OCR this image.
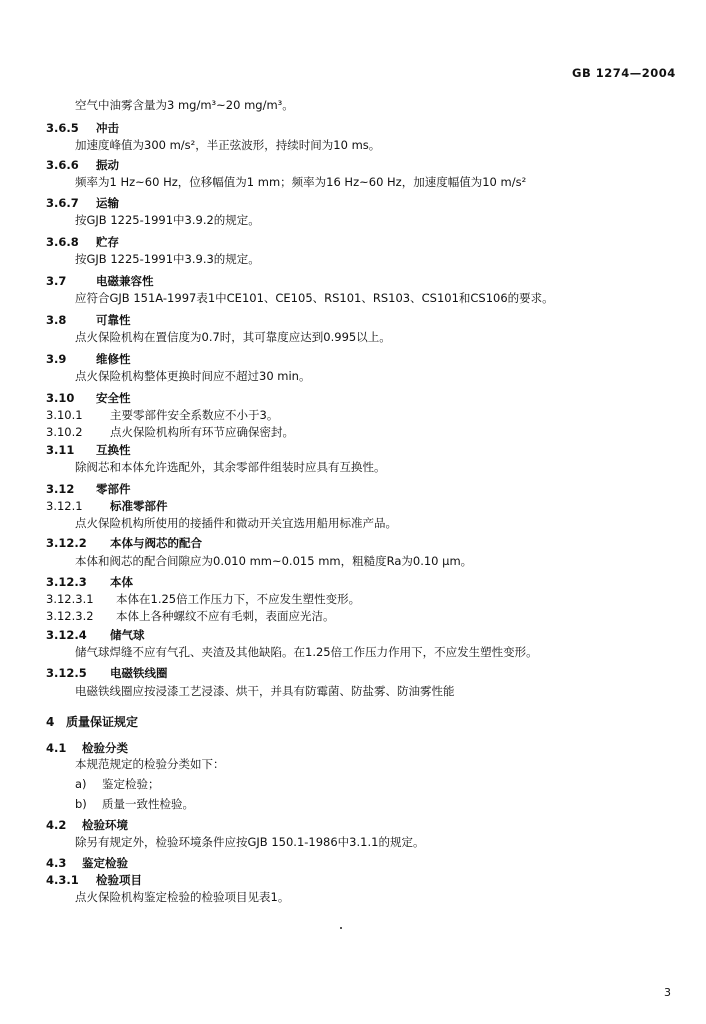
GB 1274—2004
空气中油雾含量为3 mg/m³~20 mg/m³。
3.6.5 冲击
加速度峰值为300 m/s²，半正弦波形，持续时间为10 ms。
3.6.6 振动
频率为1 Hz~60 Hz，位移幅值为1 mm；频率为16 Hz~60 Hz，加速度幅值为10 m/s²
3.6.7 运输
按GJB 1225-1991中3.9.2的规定。
3.6.8 贮存
按GJB 1225-1991中3.9.3的规定。
3.7	电磁兼容性
应符合GJB 151A-1997表1中CE101、CE105、RS101、RS103、CS101和CS106的要求。
3.8	可靠性
点火保险机构在置信度为0.7时，其可靠度应达到0.995以上。
3.9	维修性
点火保险机构整体更换时间应不超过30 min。
3.10 安全性
3.10.1 主要零部件安全系数应不小于3。
3.10.2 点火保险机构所有环节应确保密封。
3.11 互换性
除阀芯和本体允许选配外，其余零部件组装时应具有互换性。
3.12 零部件
3.12.1 标准零部件
点火保险机构所使用的接插件和微动开关宜选用船用标准产品。
3.12.2 本体与阀芯的配合
本体和阀芯的配合间隙应为0.010 mm~0.015 mm，粗糙度Ra为0.10 μm。
3.12.3 本体
3.12.3.1 本体在1.25倍工作压力下，不应发生塑性变形。
3.12.3.2 本体上各种螺纹不应有毛刺，表面应光洁。
3.12.4 储气球
储气球焊缝不应有气孔、夹渣及其他缺陷。在1.25倍工作压力作用下，不应发生塑性变形。
3.12.5 电磁铁线圈
电磁铁线圈应按浸漆工艺浸漆、烘干，并具有防霉菌、防盐雾、防油雾性能
4 质量保证规定
4.1 检验分类
本规范规定的检验分类如下：
a) 鉴定检验；
b) 质量一致性检验。
4.2 检验环境
除另有规定外，检验环境条件应按GJB 150.1-1986中3.1.1的规定。
4.3 鉴定检验
4.3.1 检验项目
点火保险机构鉴定检验的检验项目见表1。
3
